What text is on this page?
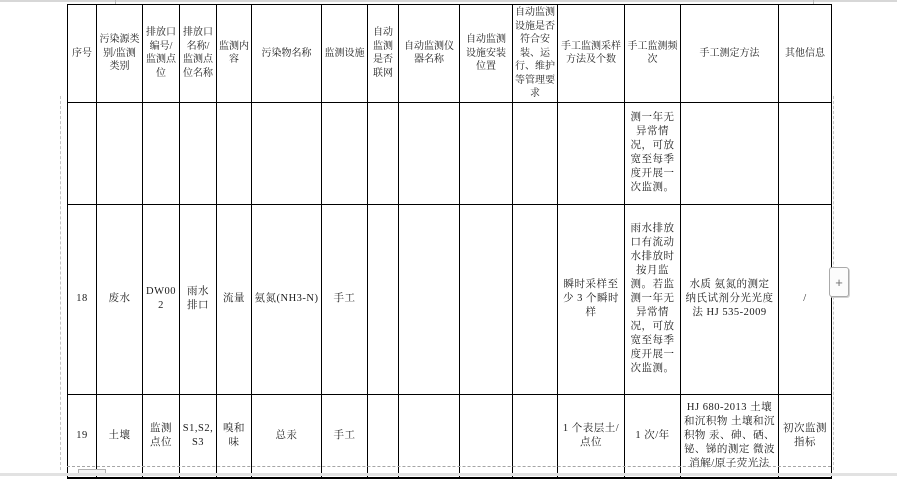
序号	污染源类别/监测类别	排放口编号/监测点位	排放口名称/监测点位名称	监测内容	污染物名称	监测设施	自动监测是否联网	自动监测仪器名称	自动监测设施安装位置	自动监测设施是否符合安装、运行、维护等管理要求	手工监测采样方法及个数	手工监测频次	手工测定方法	其他信息
												测一年无异常情况，可放宽至每季度开展一次监测。		
18	废水	DW002	雨水排口	流量	氨氮(NH3-N)	手工					瞬时采样至少 3 个瞬时样	雨水排放口有流动水排放时按月监测。若监测一年无异常情况，可放宽至每季度开展一次监测。	水质 氨氮的测定 纳氏试剂分光光度法 HJ 535-2009	/
19	土壤	监测点位	S1,S2,S3	嗅和味	总汞	手工					1 个表层土/点位	1 次/年	HJ 680-2013 土壤和沉积物 土壤和沉积物 汞、砷、硒、铋、锑的测定 微波消解/原子荧光法	初次监测指标
+
